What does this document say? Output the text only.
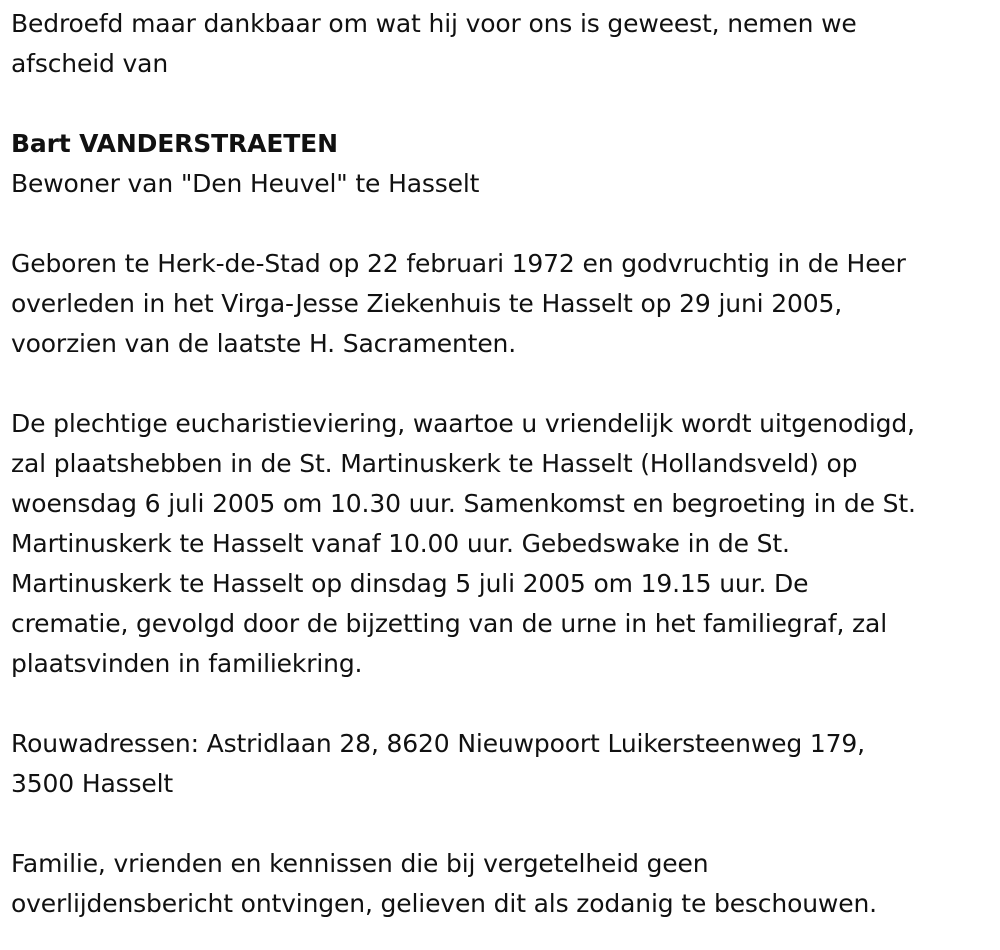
Bedroefd maar dankbaar om wat hij voor ons is geweest, nemen we
afscheid van
Bart VANDERSTRAETEN
Bewoner van "Den Heuvel" te Hasselt
Geboren te Herk-de-Stad op 22 februari 1972 en godvruchtig in de Heer
overleden in het Virga-Jesse Ziekenhuis te Hasselt op 29 juni 2005,
voorzien van de laatste H. Sacramenten.
De plechtige eucharistieviering, waartoe u vriendelijk wordt uitgenodigd,
zal plaatshebben in de St. Martinuskerk te Hasselt (Hollandsveld) op
woensdag 6 juli 2005 om 10.30 uur. Samenkomst en begroeting in de St.
Martinuskerk te Hasselt vanaf 10.00 uur. Gebedswake in de St.
Martinuskerk te Hasselt op dinsdag 5 juli 2005 om 19.15 uur. De
crematie, gevolgd door de bijzetting van de urne in het familiegraf, zal
plaatsvinden in familiekring.
Rouwadressen: Astridlaan 28, 8620 Nieuwpoort Luikersteenweg 179,
3500 Hasselt
Familie, vrienden en kennissen die bij vergetelheid geen
overlijdensbericht ontvingen, gelieven dit als zodanig te beschouwen.
